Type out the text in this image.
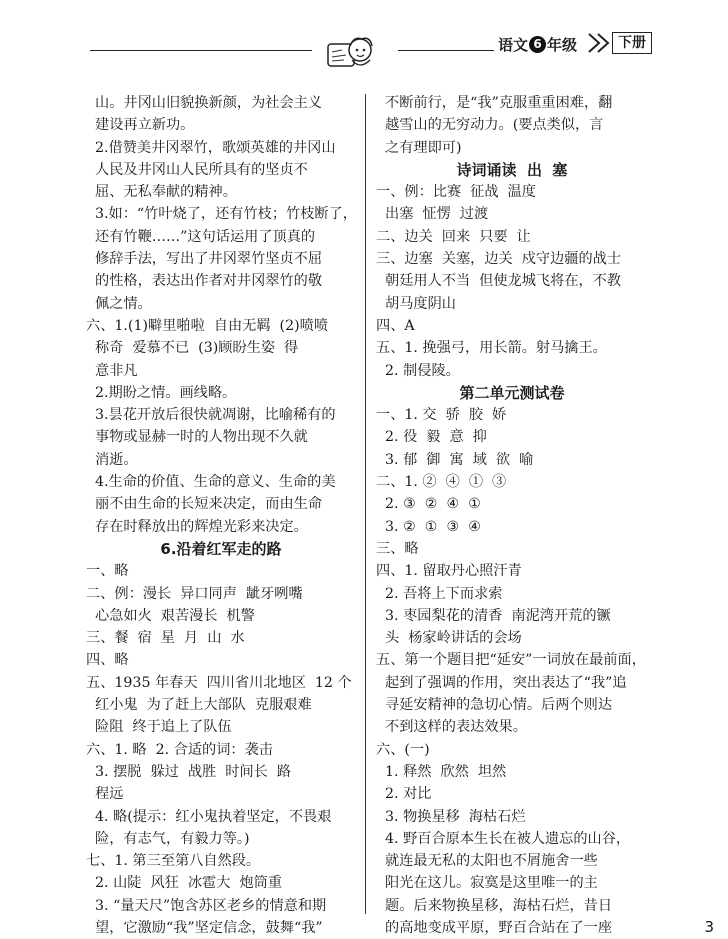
语文 6 年级	下册
山。井冈山旧貌换新颜，为社会主义
建设再立新功。
2.借赞美井冈翠竹，歌颂英雄的井冈山
人民及井冈山人民所具有的坚贞不
屈、无私奉献的精神。
3.如：“竹叶烧了，还有竹枝；竹枝断了，
还有竹鞭……”这句话运用了顶真的
修辞手法，写出了井冈翠竹坚贞不屈
的性格，表达出作者对井冈翠竹的敬
佩之情。
六、1.(1)噼里啪啦  自由无羁  (2)喷喷
称奇  爱慕不已  (3)顾盼生姿  得
意非凡
2.期盼之情。画线略。
3.昙花开放后很快就凋谢，比喻稀有的
事物或显赫一时的人物出现不久就
消逝。
4.生命的价值、生命的意义、生命的美
丽不由生命的长短来决定，而由生命
存在时释放出的辉煌光彩来决定。
6.沿着红军走的路
一、略
二、例：漫长  异口同声  龇牙咧嘴
心急如火  艰苦漫长  机警
三、餐  宿  星  月  山  水
四、略
五、1935 年春天  四川省川北地区  12 个
红小鬼  为了赶上大部队  克服艰难
险阻  终于追上了队伍
六、1. 略  2. 合适的词：袭击
3. 摆脱  躲过  战胜  时间长  路
程远
4. 略(提示：红小鬼执着坚定，不畏艰
险，有志气，有毅力等。)
七、1. 第三至第八自然段。
2. 山陡  风狂  冰雹大  炮筒重
3. “量天尺”饱含苏区老乡的情意和期
望，它激励“我”坚定信念，鼓舞“我”
不断前行，是“我”克服重重困难，翻
越雪山的无穷动力。(要点类似，言
之有理即可)
诗词诵读  出  塞
一、例：比赛  征战  温度
出塞  怔愣  过渡
二、边关  回来  只要  让
三、边塞  关塞，边关  戍守边疆的战士
朝廷用人不当  但使龙城飞将在，不教
胡马度阴山
四、A
五、1. 挽强弓，用长箭。射马擒王。
2. 制侵陵。
第二单元测试卷
一、1. 交  骄  胶  娇
2. 役  毅  意  抑
3. 郁  御  寓  域  欲  喻
二、1. ②  ④  ①  ③
2. ③  ②  ④  ①
3. ②  ①  ③  ④
三、略
四、1. 留取丹心照汗青
2. 吾将上下而求索
3. 枣园梨花的清香  南泥湾开荒的镢
头  杨家岭讲话的会场
五、第一个题目把“延安”一词放在最前面，
起到了强调的作用，突出表达了“我”追
寻延安精神的急切心情。后两个则达
不到这样的表达效果。
六、(一)
1. 释然  欣然  坦然
2. 对比
3. 物换星移  海枯石烂
4. 野百合原本生长在被人遗忘的山谷，
就连最无私的太阳也不屑施舍一些
阳光在这儿。寂寞是这里唯一的主
题。后来物换星移，海枯石烂，昔日
的高地变成平原，野百合站在了一座	3
